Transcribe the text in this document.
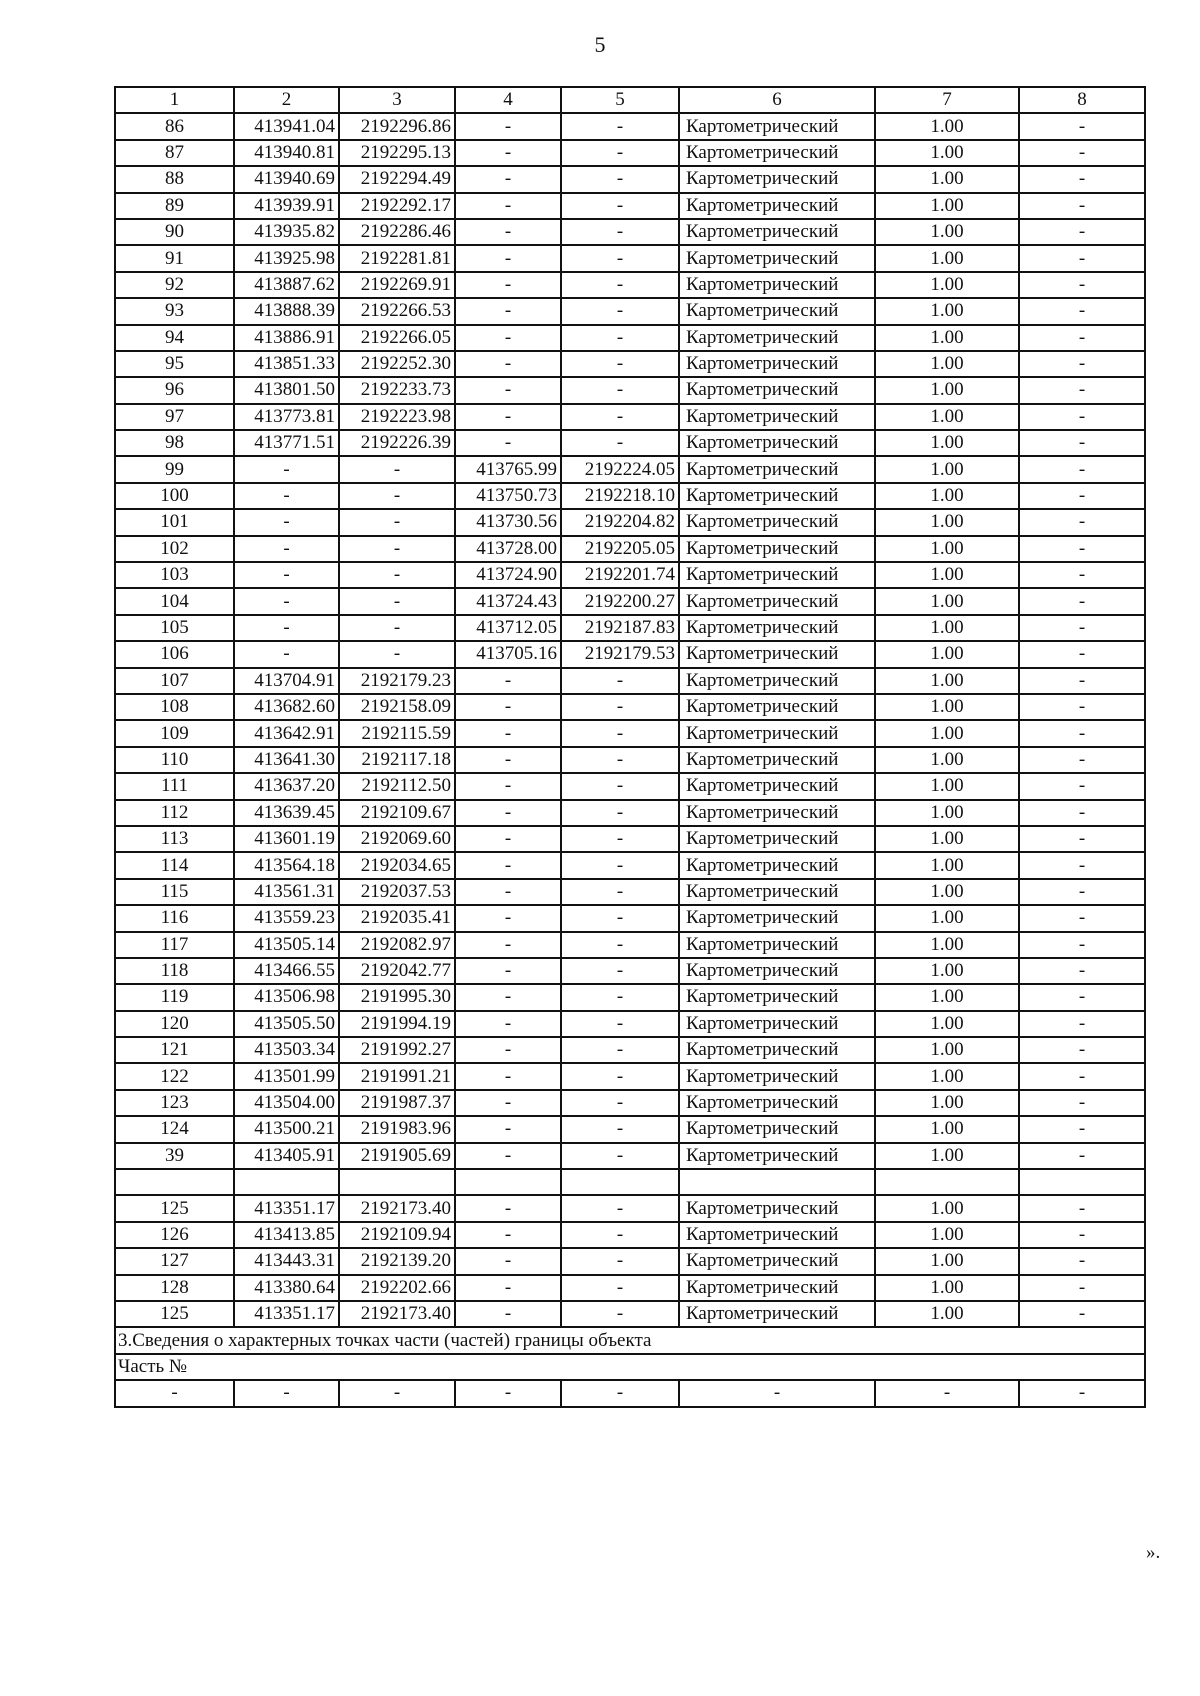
5
1	2	3	4	5	6	7	8
86	413941.04	2192296.86	-	-	Картометрический	1.00	-
87	413940.81	2192295.13	-	-	Картометрический	1.00	-
88	413940.69	2192294.49	-	-	Картометрический	1.00	-
89	413939.91	2192292.17	-	-	Картометрический	1.00	-
90	413935.82	2192286.46	-	-	Картометрический	1.00	-
91	413925.98	2192281.81	-	-	Картометрический	1.00	-
92	413887.62	2192269.91	-	-	Картометрический	1.00	-
93	413888.39	2192266.53	-	-	Картометрический	1.00	-
94	413886.91	2192266.05	-	-	Картометрический	1.00	-
95	413851.33	2192252.30	-	-	Картометрический	1.00	-
96	413801.50	2192233.73	-	-	Картометрический	1.00	-
97	413773.81	2192223.98	-	-	Картометрический	1.00	-
98	413771.51	2192226.39	-	-	Картометрический	1.00	-
99	-	-	413765.99	2192224.05	Картометрический	1.00	-
100	-	-	413750.73	2192218.10	Картометрический	1.00	-
101	-	-	413730.56	2192204.82	Картометрический	1.00	-
102	-	-	413728.00	2192205.05	Картометрический	1.00	-
103	-	-	413724.90	2192201.74	Картометрический	1.00	-
104	-	-	413724.43	2192200.27	Картометрический	1.00	-
105	-	-	413712.05	2192187.83	Картометрический	1.00	-
106	-	-	413705.16	2192179.53	Картометрический	1.00	-
107	413704.91	2192179.23	-	-	Картометрический	1.00	-
108	413682.60	2192158.09	-	-	Картометрический	1.00	-
109	413642.91	2192115.59	-	-	Картометрический	1.00	-
110	413641.30	2192117.18	-	-	Картометрический	1.00	-
111	413637.20	2192112.50	-	-	Картометрический	1.00	-
112	413639.45	2192109.67	-	-	Картометрический	1.00	-
113	413601.19	2192069.60	-	-	Картометрический	1.00	-
114	413564.18	2192034.65	-	-	Картометрический	1.00	-
115	413561.31	2192037.53	-	-	Картометрический	1.00	-
116	413559.23	2192035.41	-	-	Картометрический	1.00	-
117	413505.14	2192082.97	-	-	Картометрический	1.00	-
118	413466.55	2192042.77	-	-	Картометрический	1.00	-
119	413506.98	2191995.30	-	-	Картометрический	1.00	-
120	413505.50	2191994.19	-	-	Картометрический	1.00	-
121	413503.34	2191992.27	-	-	Картометрический	1.00	-
122	413501.99	2191991.21	-	-	Картометрический	1.00	-
123	413504.00	2191987.37	-	-	Картометрический	1.00	-
124	413500.21	2191983.96	-	-	Картометрический	1.00	-
39	413405.91	2191905.69	-	-	Картометрический	1.00	-

125	413351.17	2192173.40	-	-	Картометрический	1.00	-
126	413413.85	2192109.94	-	-	Картометрический	1.00	-
127	413443.31	2192139.20	-	-	Картометрический	1.00	-
128	413380.64	2192202.66	-	-	Картометрический	1.00	-
125	413351.17	2192173.40	-	-	Картометрический	1.00	-
3.Сведения о характерных точках части (частей) границы объекта							
Часть №							
-	-	-	-	-	-	-	-
».
